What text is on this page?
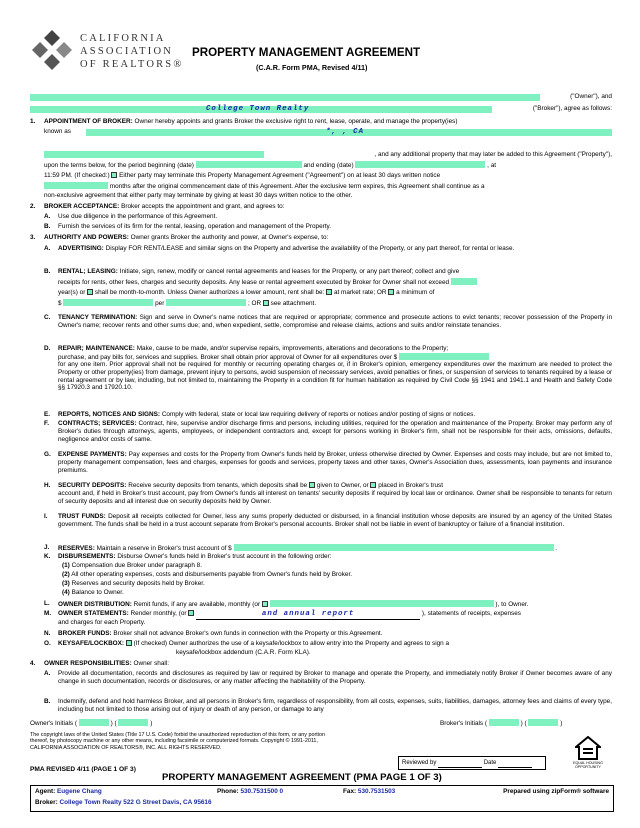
CALIFORNIA
ASSOCIATION
OF REALTORS®
PROPERTY MANAGEMENT AGREEMENT
(C.A.R. Form PMA, Revised 4/11)
("Owner"), and
College Town Realty	("Broker"), agree as follows:
1. APPOINTMENT OF BROKER: Owner hereby appoints and grants Broker the exclusive right to rent, lease, operate, and manage the property(ies)
known as	*, , CA
, and any additional property that may later be added to this Agreement ("Property"),
upon the terms below, for the period beginning (date)	and ending (date)	, at
11:59 PM. (If checked:) Either party may terminate this Property Management Agreement ("Agreement") on at least 30 days written notice
months after the original commencement date of this Agreement. After the exclusive term expires, this Agreement shall continue as a
non-exclusive agreement that either party may terminate by giving at least 30 days written notice to the other.
2. BROKER ACCEPTANCE: Broker accepts the appointment and grant, and agrees to:
A. Use due diligence in the performance of this Agreement.
B. Furnish the services of its firm for the rental, leasing, operation and management of the Property.
3. AUTHORITY AND POWERS: Owner grants Broker the authority and power, at Owner's expense, to:
A. ADVERTISING: Display FOR RENT/LEASE and similar signs on the Property and advertise the availability of the Property, or any part thereof, for rental or lease.
B. RENTAL; LEASING: Initiate, sign, renew, modify or cancel rental agreements and leases for the Property, or any part thereof; collect and give
receipts for rents, other fees, charges and security deposits. Any lease or rental agreement executed by Broker for Owner shall not exceed
year(s) or shall be month-to-month. Unless Owner authorizes a lower amount, rent shall be: at market rate; OR a minimum of
$	per	; OR see attachment.
C. TENANCY TERMINATION: Sign and serve in Owner's name notices that are required or appropriate; commence and prosecute actions to evict tenants; recover possession of the Property in Owner's name; recover rents and other sums due; and, when expedient, settle, compromise and release claims, actions and suits and/or reinstate tenancies.
D. REPAIR; MAINTENANCE: Make, cause to be made, and/or supervise repairs, improvements, alterations and decorations to the Property;
purchase, and pay bills for, services and supplies. Broker shall obtain prior approval of Owner for all expenditures over $
for any one item. Prior approval shall not be required for monthly or recurring operating charges or, if in Broker's opinion, emergency expenditures over the maximum are needed to protect the Property or other property(ies) from damage, prevent injury to persons, avoid suspension of necessary services, avoid penalties or fines, or suspension of services to tenants required by a lease or rental agreement or by law, including, but not limited to, maintaining the Property in a condition fit for human habitation as required by Civil Code §§ 1941 and 1941.1 and Health and Safety Code §§ 17920.3 and 17920.10.
E. REPORTS, NOTICES AND SIGNS: Comply with federal, state or local law requiring delivery of reports or notices and/or posting of signs or notices.
F. CONTRACTS; SERVICES: Contract, hire, supervise and/or discharge firms and persons, including utilities, required for the operation and maintenance of the Property. Broker may perform any of Broker's duties through attorneys, agents, employees, or independent contractors and, except for persons working in Broker's firm, shall not be responsible for their acts, omissions, defaults, negligence and/or costs of same.
G. EXPENSE PAYMENTS: Pay expenses and costs for the Property from Owner's funds held by Broker, unless otherwise directed by Owner. Expenses and costs may include, but are not limited to, property management compensation, fees and charges, expenses for goods and services, property taxes and other taxes, Owner's Association dues, assessments, loan payments and insurance premiums.
H. SECURITY DEPOSITS: Receive security deposits from tenants, which deposits shall be given to Owner, or placed in Broker's trust
account and, if held in Broker's trust account, pay from Owner's funds all interest on tenants' security deposits if required by local law or ordinance. Owner shall be responsible to tenants for return of security deposits and all interest due on security deposits held by Owner.
I. TRUST FUNDS: Deposit all receipts collected for Owner, less any sums properly deducted or disbursed, in a financial institution whose deposits are insured by an agency of the United States government. The funds shall be held in a trust account separate from Broker's personal accounts. Broker shall not be liable in event of bankruptcy or failure of a financial institution.
J. RESERVES: Maintain a reserve in Broker's trust account of $	.
K. DISBURSEMENTS: Disburse Owner's funds held in Broker's trust account in the following order:
(1) Compensation due Broker under paragraph 8.
(2) All other operating expenses, costs and disbursements payable from Owner's funds held by Broker.
(3) Reserves and security deposits held by Broker.
(4) Balance to Owner.
L. OWNER DISTRIBUTION: Remit funds, if any are available, monthly (or	), to Owner.
M. OWNER STATEMENTS: Render monthly, (or	and annual report	), statements of receipts, expenses
and charges for each Property.
N. BROKER FUNDS: Broker shall not advance Broker's own funds in connection with the Property or this Agreement.
O. KEYSAFE/LOCKBOX: (If checked) Owner authorizes the use of a keysafe/lockbox to allow entry into the Property and agrees to sign a
keysafe/lockbox addendum (C.A.R. Form KLA).
4. OWNER RESPONSIBILITIES: Owner shall:
A. Provide all documentation, records and disclosures as required by law or required by Broker to manage and operate the Property, and immediately notify Broker if Owner becomes aware of any change in such documentation, records or disclosures, or any matter affecting the habitability of the Property.
B. Indemnify, defend and hold harmless Broker, and all persons in Broker's firm, regardless of responsibility, from all costs, expenses, suits, liabilities, damages, attorney fees and claims of every type, including but not limited to those arising out of injury or death of any person, or damage to any
Owner's Initials (	) (	)	Broker's Initials (	) (	)
The copyright laws of the United States (Title 17 U.S. Code) forbid the unauthorized reproduction of this form, or any portion thereof, by photocopy machine or any other means, including facsimile or computerized formats. Copyright © 1991-2011, CALIFORNIA ASSOCIATION OF REALTORS®, INC. ALL RIGHTS RESERVED.
PMA REVISED 4/11 (PAGE 1 OF 3)
Reviewed by	Date	EQUAL HOUSING
OPPORTUNITY
PROPERTY MANAGEMENT AGREEMENT (PMA PAGE 1 OF 3)
Agent: Eugene Chang	Phone: 530.7531500 0	Fax: 530.7531503	Prepared using zipForm® software
Broker: College Town Realty 522 G Street Davis, CA 95616
